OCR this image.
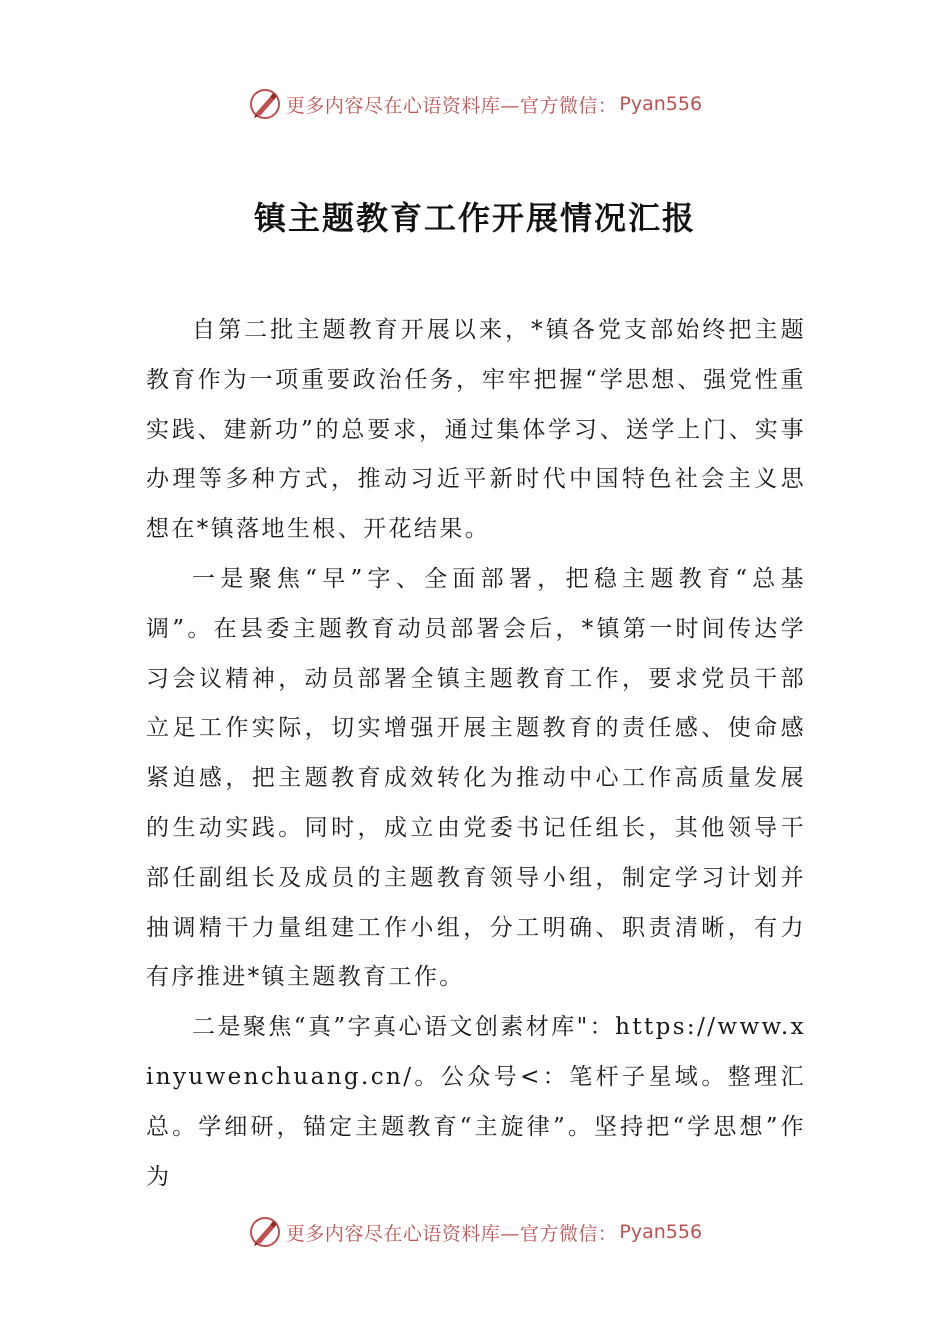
更多内容尽在心语资料库—官方微信： Pyan556
镇主题教育工作开展情况汇报

自第二批主题教育开展以来，*镇各党支部始终把主题教育作为一项重要政治任务，牢牢把握“学思想、强党性重实践、建新功”的总要求，通过集体学习、送学上门、实事办理等多种方式，推动习近平新时代中国特色社会主义思想在*镇落地生根、开花结果。

一是聚焦“早”字、全面部署，把稳主题教育“总基调”。在县委主题教育动员部署会后，*镇第一时间传达学习会议精神，动员部署全镇主题教育工作，要求党员干部立足工作实际，切实增强开展主题教育的责任感、使命感紧迫感，把主题教育成效转化为推动中心工作高质量发展的生动实践。同时，成立由党委书记任组长，其他领导干部任副组长及成员的主题教育领导小组，制定学习计划并抽调精干力量组建工作小组，分工明确、职责清晰，有力有序推进*镇主题教育工作。

二是聚焦“真”字真心语文创素材库"：https://www.xinyuwenchuang.cn/。公众号<：笔杆子星域。整理汇总。学细研，锚定主题教育“主旋律”。坚持把“学思想”作为

更多内容尽在心语资料库—官方微信： Pyan556
